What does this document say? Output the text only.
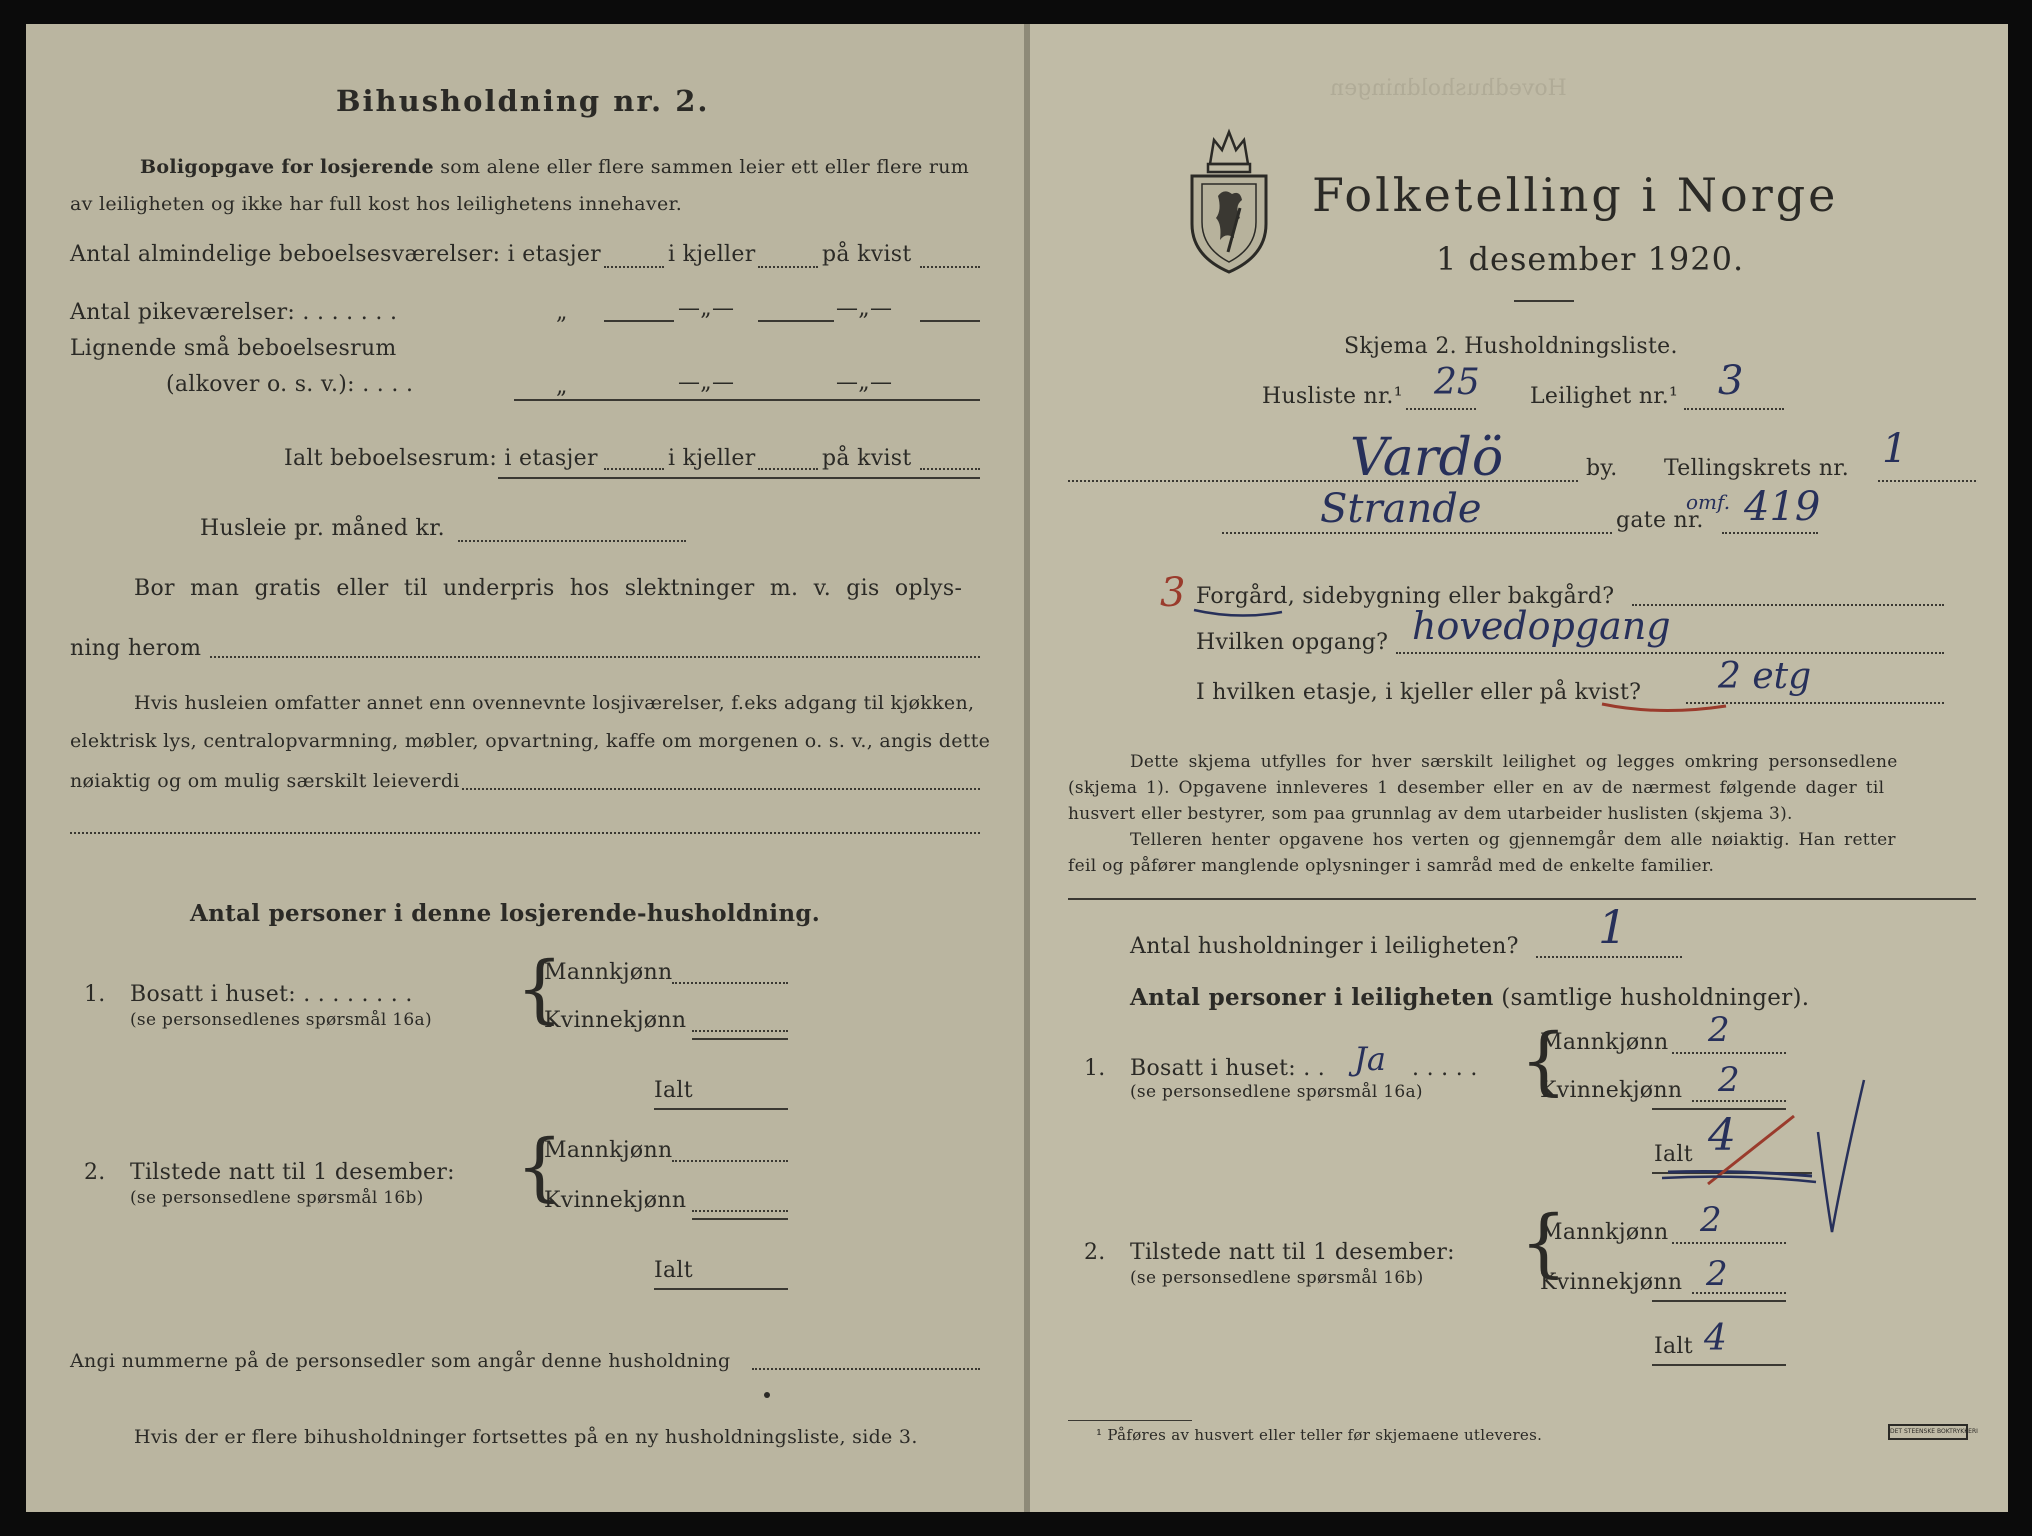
Bihusholdning nr. 2.
Boligopgave for losjerende som alene eller flere sammen leier ett eller flere rum
av leiligheten og ikke har full kost hos leilighetens innehaver.
Antal almindelige beboelsesværelser: i etasjer	i kjeller	på kvist
Antal pikeværelser: . . . . . . .	„	—„—	—„—
Lignende små beboelsesrum
(alkover o. s. v.): . . . .	„	—„—	—„—
Ialt beboelsesrum: i etasjer	i kjeller	på kvist
Husleie pr. måned kr.
Bor man gratis eller til underpris hos slektninger m. v. gis oplys-
ning herom
Hvis husleien omfatter annet enn ovennevnte losjiværelser, f.eks adgang til kjøkken,
elektrisk lys, centralopvarmning, møbler, opvartning, kaffe om morgenen o. s. v., angis dette
nøiaktig og om mulig særskilt leieverdi
Antal personer i denne losjerende-husholdning.
1. Bosatt i huset: . . . . . . . .
(se personsedlenes spørsmål 16a) {
Mannkjønn
Kvinnekjønn
Ialt
2. Tilstede natt til 1 desember:
(se personsedlene spørsmål 16b) {
Mannkjønn
Kvinnekjønn
Ialt
Angi nummerne på de personsedler som angår denne husholdning
Hvis der er flere bihusholdninger fortsettes på en ny husholdningsliste, side 3.
Hovedhusholdningen
Folketelling i Norge
1 desember 1920.
Skjema 2. Husholdningsliste.
Husliste nr.¹ 25 Leilighet nr.¹ 3
Vardö	by. Tellingskrets nr. 1
Strande	gate nr.
omf. 419
3 Forgård, sidebygning eller bakgård?
Hvilken opgang? hovedopgang
I hvilken etasje, i kjeller eller på kvist? 2 etg
Dette skjema utfylles for hver særskilt leilighet og legges omkring personsedlene
(skjema 1). Opgavene innleveres 1 desember eller en av de nærmest følgende dager til
husvert eller bestyrer, som paa grunnlag av dem utarbeider huslisten (skjema 3).
Telleren henter opgavene hos verten og gjennemgår dem alle nøiaktig. Han retter
feil og påfører manglende oplysninger i samråd med de enkelte familier.
Antal husholdninger i leiligheten? 1
Antal personer i leiligheten (samtlige husholdninger).
1. Bosatt i huset: . . Ja . . . . .
(se personsedlene spørsmål 16a) {
Mannkjønn 2
Kvinnekjønn 2
Ialt 4
2. Tilstede natt til 1 desember:
(se personsedlene spørsmål 16b) {
Mannkjønn 2
Kvinnekjønn 2
Ialt 4
¹ Påføres av husvert eller teller før skjemaene utleveres.	DET STEENSKE BOKTRYKKERI
